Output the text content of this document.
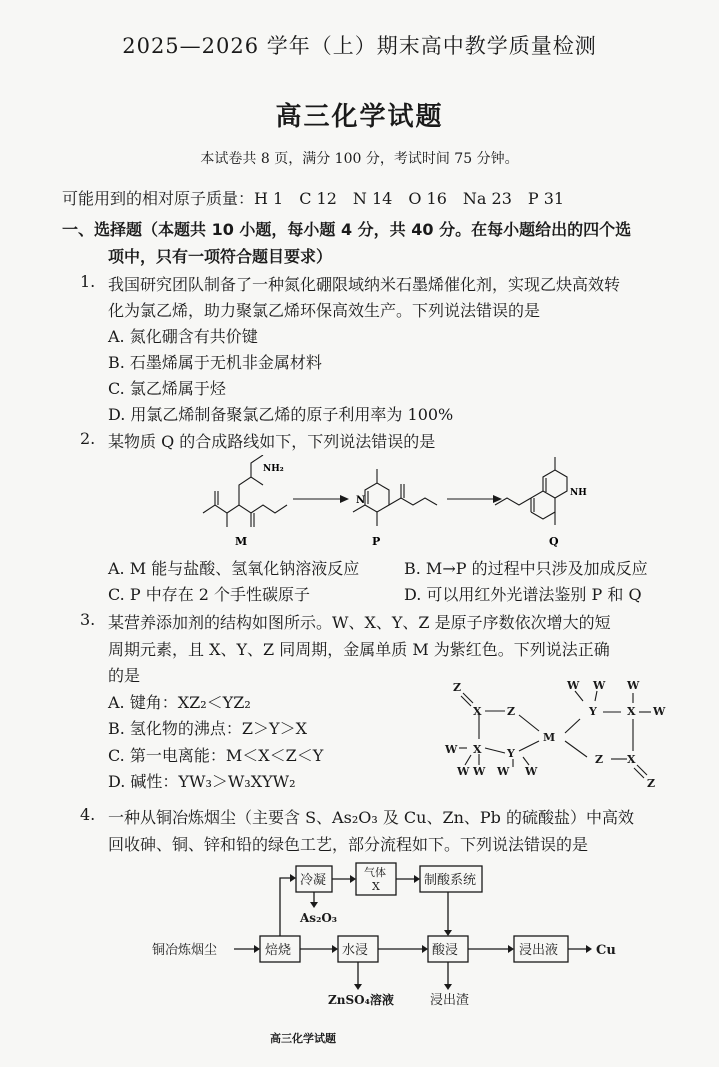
2025—2026 学年（上）期末高中教学质量检测
高三化学试题
本试卷共 8 页，满分 100 分，考试时间 75 分钟。
可能用到的相对原子质量：H 1　C 12　N 14　O 16　Na 23　P 31
一、选择题（本题共 10 小题，每小题 4 分，共 40 分。在每小题给出的四个选
项中，只有一项符合题目要求）
1. 我国研究团队制备了一种氮化硼限域纳米石墨烯催化剂，实现乙炔高效转
化为氯乙烯，助力聚氯乙烯环保高效生产。下列说法错误的是
A. 氮化硼含有共价键
B. 石墨烯属于无机非金属材料
C. 氯乙烯属于烃
D. 用氯乙烯制备聚氯乙烯的原子利用率为 100%
2. 某物质 Q 的合成路线如下，下列说法错误的是
NH₂
N
NH
M	P	Q
A. M 能与盐酸、氢氧化钠溶液反应	B. M→P 的过程中只涉及加成反应
C. P 中存在 2 个手性碳原子	D. 可以用红外光谱法鉴别 P 和 Q
3. 某营养添加剂的结构如图所示。W、X、Y、Z 是原子序数依次增大的短
周期元素，且 X、Y、Z 同周期，金属单质 M 为紫红色。下列说法正确
的是
A. 键角：XZ₂＜YZ₂
B. 氢化物的沸点：Z＞Y＞X
C. 第一电离能：M＜X＜Z＜Y
D. 碱性：YW₃＞W₃XYW₂
Z
X Z
M
W X Y
W
W	W W
W W W
Y	X W
Z X
Z
4. 一种从铜冶炼烟尘（主要含 S、As₂O₃ 及 Cu、Zn、Pb 的硫酸盐）中高效
回收砷、铜、锌和铅的绿色工艺，部分流程如下。下列说法错误的是
铜冶炼烟尘	焙烧
冷凝
气体
X	制酸系统
As₂O₃
水浸
ZnSO₄溶液
酸浸
浸出渣
浸出液	Cu
高三化学试题
